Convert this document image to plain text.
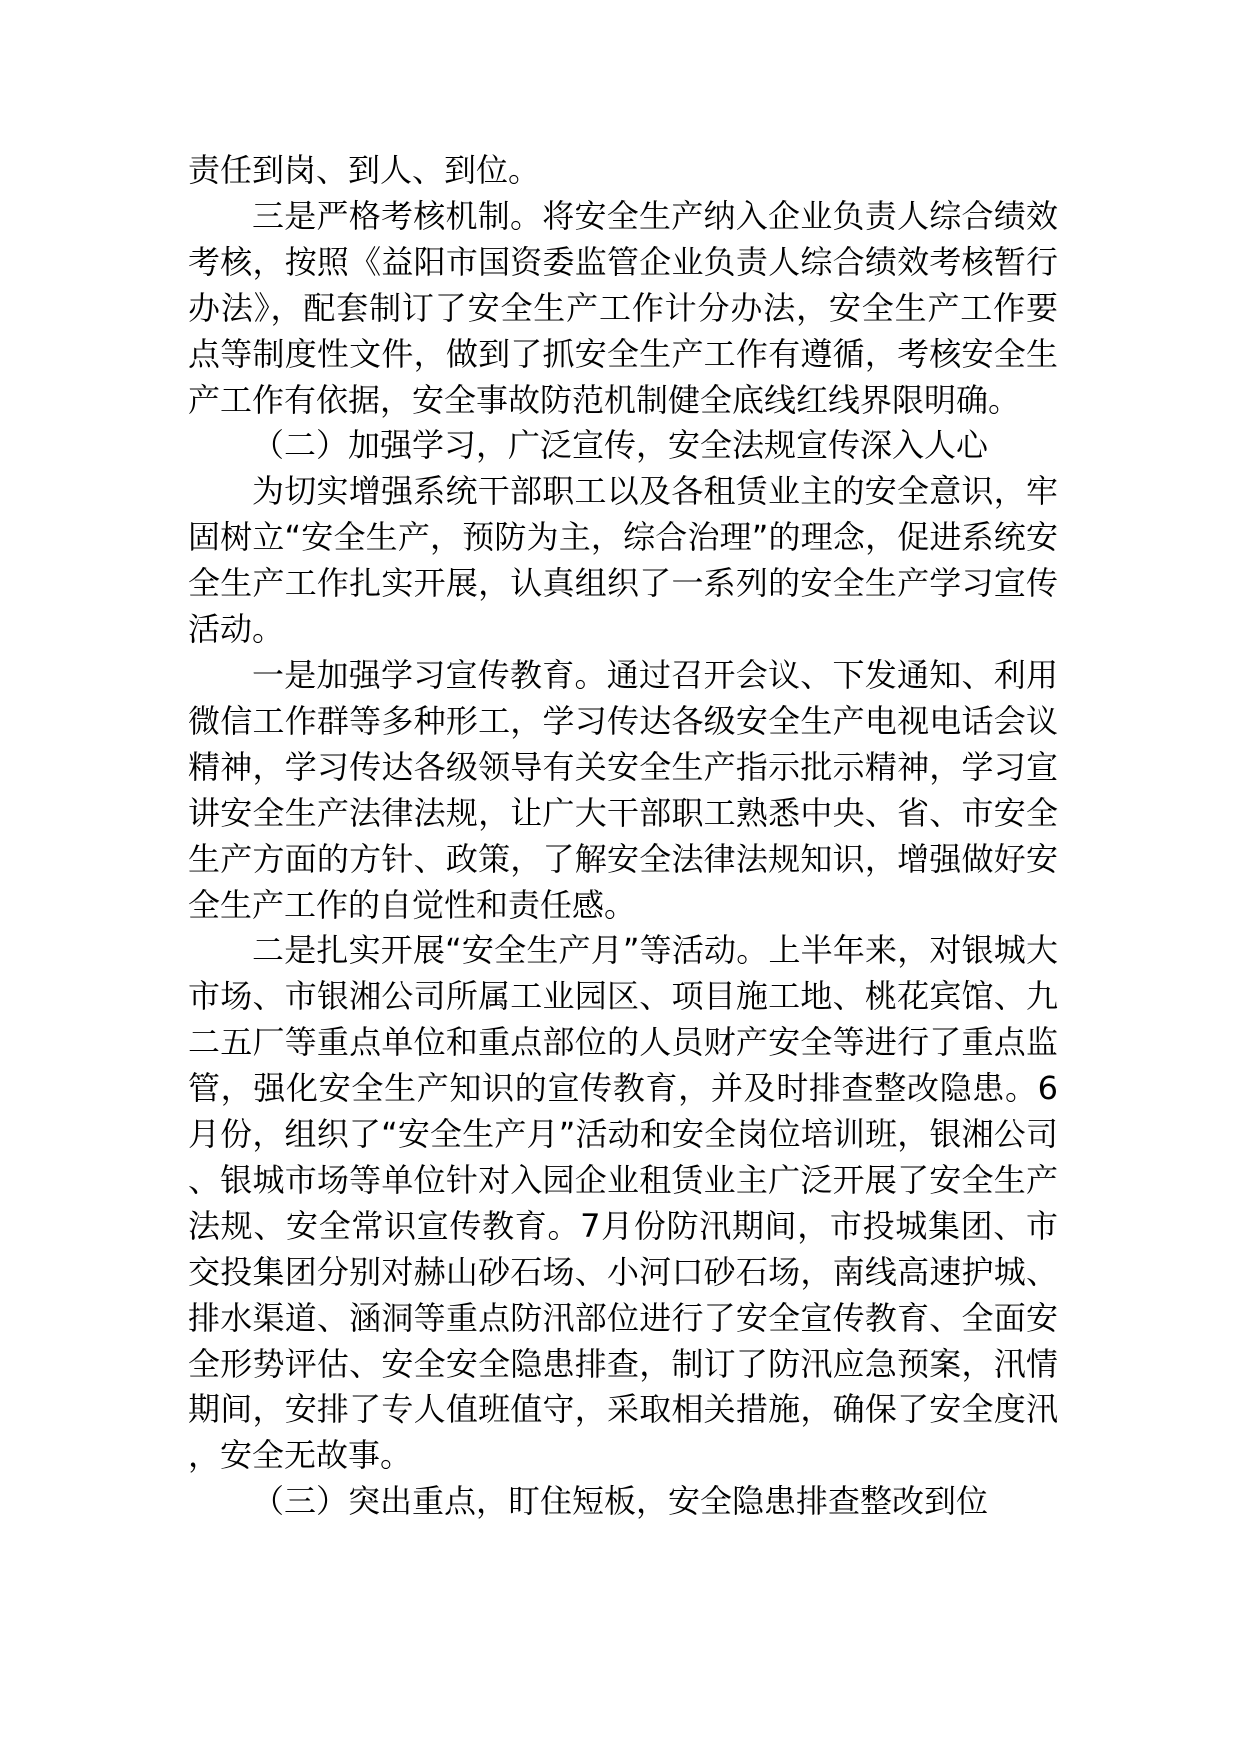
责任到岗、到人、到位。

三是严格考核机制。将安全生产纳入企业负责人综合绩效考核，按照《益阳市国资委监管企业负责人综合绩效考核暂行办法》，配套制订了安全生产工作计分办法，安全生产工作要点等制度性文件，做到了抓安全生产工作有遵循，考核安全生产工作有依据，安全事故防范机制健全底线红线界限明确。

（二）加强学习，广泛宣传，安全法规宣传深入人心

为切实增强系统干部职工以及各租赁业主的安全意识，牢固树立“安全生产，预防为主，综合治理”的理念，促进系统安全生产工作扎实开展，认真组织了一系列的安全生产学习宣传活动。

一是加强学习宣传教育。通过召开会议、下发通知、利用微信工作群等多种形工，学习传达各级安全生产电视电话会议精神，学习传达各级领导有关安全生产指示批示精神，学习宣讲安全生产法律法规，让广大干部职工熟悉中央、省、市安全生产方面的方针、政策，了解安全法律法规知识，增强做好安全生产工作的自觉性和责任感。

二是扎实开展“安全生产月”等活动。上半年来，对银城大市场、市银湘公司所属工业园区、项目施工地、桃花宾馆、九二五厂等重点单位和重点部位的人员财产安全等进行了重点监管，强化安全生产知识的宣传教育，并及时排查整改隐患。6月份，组织了“安全生产月”活动和安全岗位培训班，银湘公司、银城市场等单位针对入园企业租赁业主广泛开展了安全生产法规、安全常识宣传教育。7月份防汛期间，市投城集团、市交投集团分别对赫山砂石场、小河口砂石场，南线高速护城、排水渠道、涵洞等重点防汛部位进行了安全宣传教育、全面安全形势评估、安全安全隐患排查，制订了防汛应急预案，汛情期间，安排了专人值班值守，采取相关措施，确保了安全度汛，安全无故事。

（三）突出重点，盯住短板，安全隐患排查整改到位
